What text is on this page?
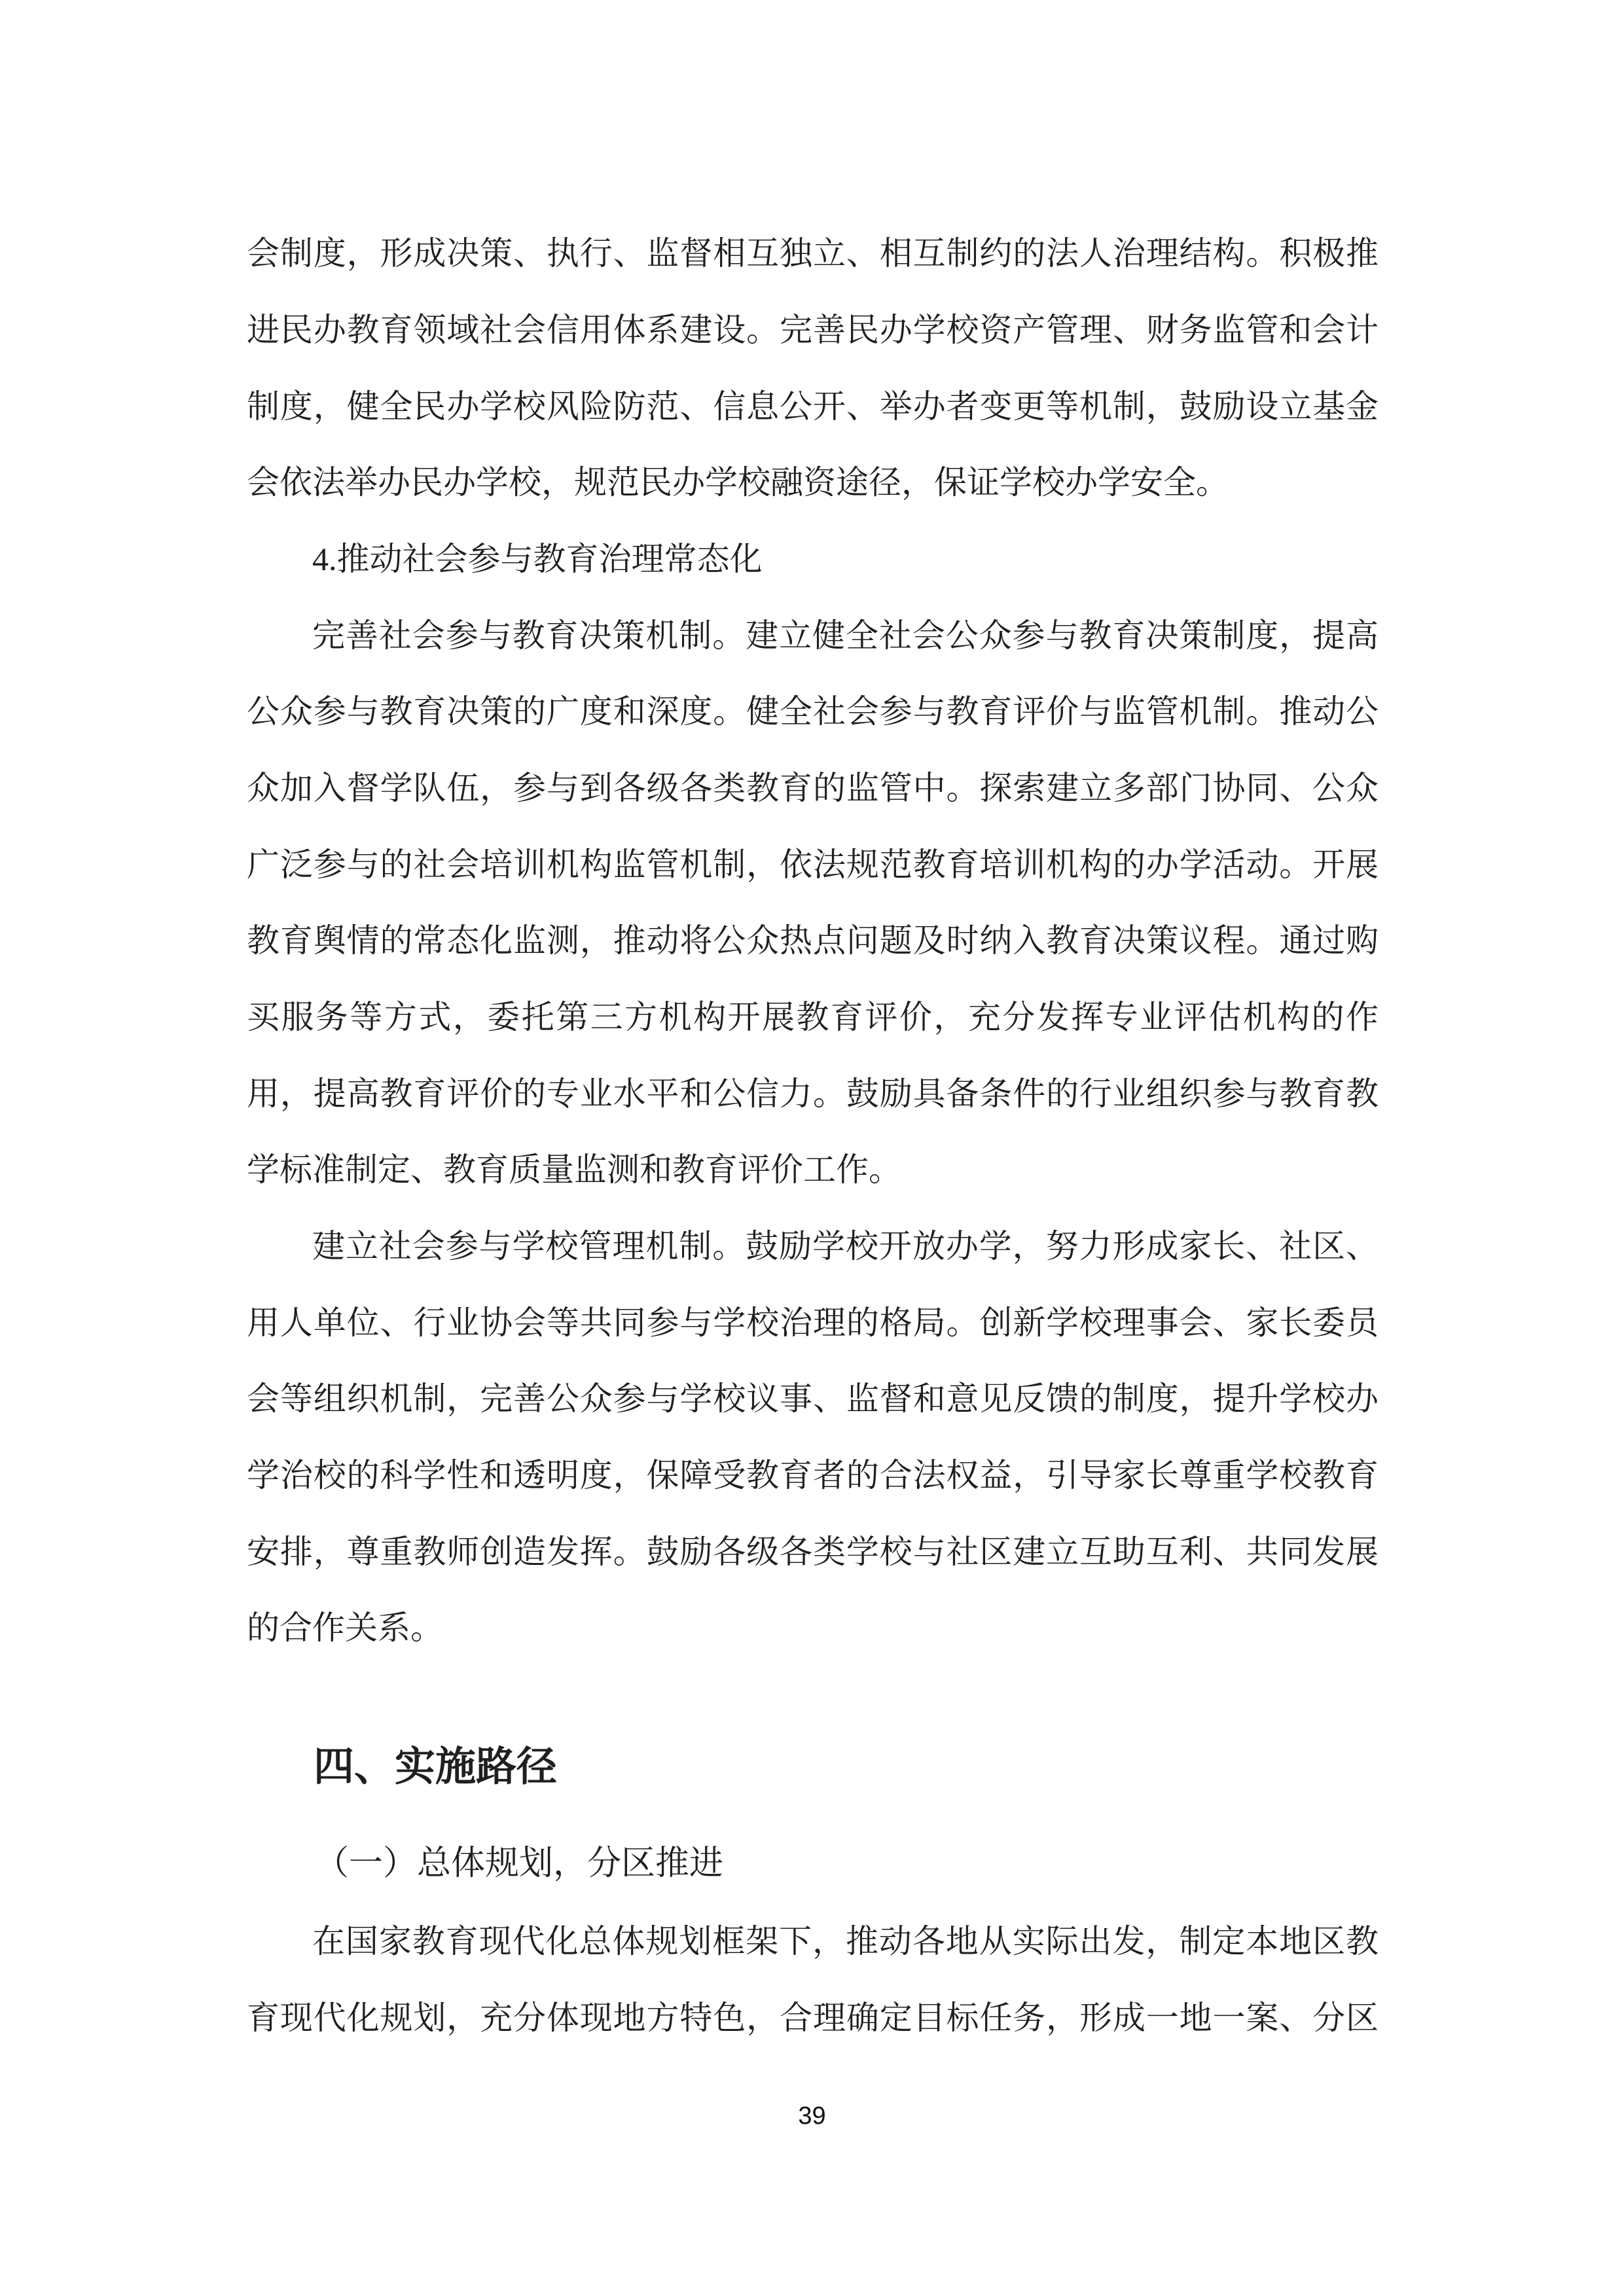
会制度，形成决策、执行、监督相互独立、相互制约的法人治理结构。积极推
进民办教育领域社会信用体系建设。完善民办学校资产管理、财务监管和会计
制度，健全民办学校风险防范、信息公开、举办者变更等机制，鼓励设立基金
会依法举办民办学校，规范民办学校融资途径，保证学校办学安全。
4.推动社会参与教育治理常态化
完善社会参与教育决策机制。建立健全社会公众参与教育决策制度，提高
公众参与教育决策的广度和深度。健全社会参与教育评价与监管机制。推动公
众加入督学队伍，参与到各级各类教育的监管中。探索建立多部门协同、公众
广泛参与的社会培训机构监管机制，依法规范教育培训机构的办学活动。开展
教育舆情的常态化监测，推动将公众热点问题及时纳入教育决策议程。通过购
买服务等方式，委托第三方机构开展教育评价，充分发挥专业评估机构的作
用，提高教育评价的专业水平和公信力。鼓励具备条件的行业组织参与教育教
学标准制定、教育质量监测和教育评价工作。
建立社会参与学校管理机制。鼓励学校开放办学，努力形成家长、社区、
用人单位、行业协会等共同参与学校治理的格局。创新学校理事会、家长委员
会等组织机制，完善公众参与学校议事、监督和意见反馈的制度，提升学校办
学治校的科学性和透明度，保障受教育者的合法权益，引导家长尊重学校教育
安排，尊重教师创造发挥。鼓励各级各类学校与社区建立互助互利、共同发展
的合作关系。
四、实施路径
（一）总体规划，分区推进
在国家教育现代化总体规划框架下，推动各地从实际出发，制定本地区教
育现代化规划，充分体现地方特色，合理确定目标任务，形成一地一案、分区
39
